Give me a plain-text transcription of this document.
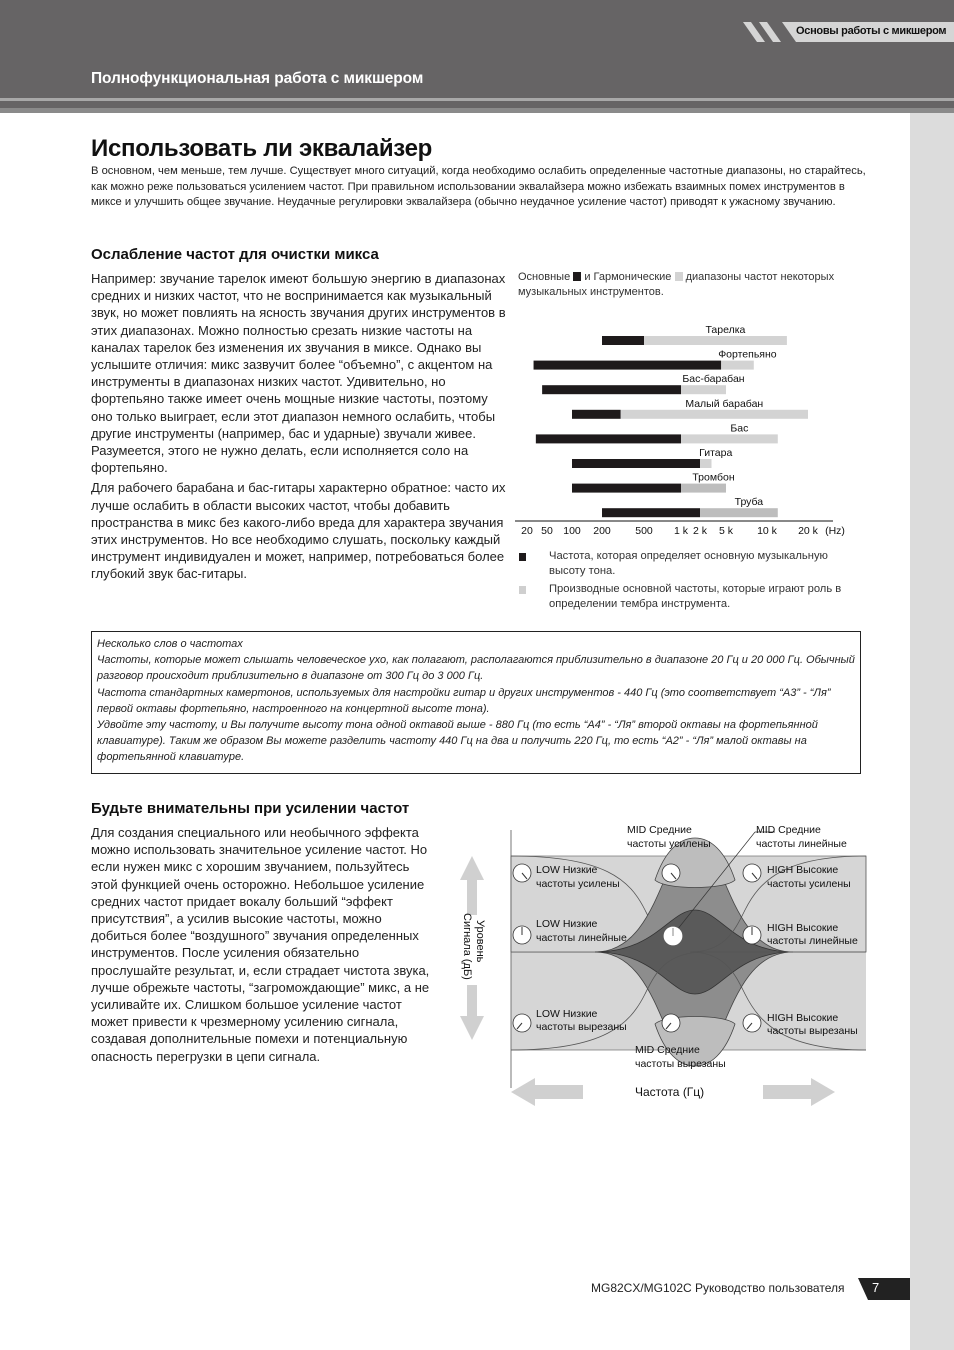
Основы работы с микшером
Полнофункциональная работа с микшером
Использовать ли эквалайзер
В основном, чем меньше, тем лучше. Существует много ситуаций, когда необходимо ослабить определенные частотные диапазоны, но старайтесь, как можно реже пользоваться усилением частот. При правильном использовании эквалайзера можно избежать взаимных помех инструментов в миксе и улучшить общее звучание. Неудачные регулировки эквалайзера (обычно неудачное усиление частот) приводят к ужасному звучанию.
Ослабление частот для очистки микса

Например: звучание тарелок имеют большую энергию в диапазонах средних и низких частот, что не воспринимается как музыкальный звук, но может повлиять на ясность звучания других инструментов в этих диапазонах. Можно полностью срезать низкие частоты на каналах тарелок без изменения их звучания в миксе. Однако вы услышите отличия: микс зазвучит более “объемно”, с акцентом на инструменты в диапазонах низких частот. Удивительно, но фортепьяно также имеет очень мощные низкие частоты, поэтому оно только выиграет, если этот диапазон немного ослабить, чтобы другие инструменты (например, бас и ударные) звучали живее. Разумеется, этого не нужно делать, если исполняется соло на фортепьяно.

Для рабочего барабана и бас-гитары характерно обратное: часто их лучше ослабить в области высоких частот, чтобы добавить пространства в микс без какого-либо вреда для характера звучания этих инструментов. Но все необходимо слушать, поскольку каждый инструмент индивидуален и может, например, потребоваться более глубокий звук бас-гитары.

Основные и Гармонические диапазоны частот некоторых музыкальных инструментов.
Тарелка
Фортепьяно
Бас-барабан
Малый барабан
Бас
Гитара
Тромбон
Труба
20 50 100 200 500 1 k 2 k 5 k 10 k 20 k (Hz)
Частота, которая определяет основную музыкальную высоту тона.
Производные основной частоты, которые играют роль в определении тембра инструмента.

Несколько слов о частотах

Частоты, которые может слышать человеческое ухо, как полагают, располагаются приблизительно в диапазоне 20 Гц и 20 000 Гц. Обычный разговор происходит приблизительно в диапазоне от 300 Гц до 3 000 Гц.

Частота стандартных камертонов, используемых для настройки гитар и других инструментов - 440 Гц (это соответствует “A3” - “Ля” первой октавы фортепьяно, настроенного на концертной высоте тона).

Удвойте эту частоту, и Вы получите высоту тона одной октавой выше - 880 Гц (то есть “A4” - “Ля” второй октавы на фортепьянной клавиатуре). Таким же образом Вы можете разделить частоту 440 Гц на два и получить 220 Гц, то есть “A2” - “Ля” малой октавы на фортепьянной клавиатуре.

Будьте внимательны при усилении частот
Для создания специального или необычного эффекта можно использовать значительное усиление частот. Но если нужен микс с хорошим звучанием, пользуйтесь этой функцией очень осторожно. Небольшое усиление средних частот придает вокалу больший “эффект присутствия”, а усилив высокие частоты, можно добиться более “воздушного” звучания определенных инструментов. После усиления обязательно прослушайте результат, и, если страдает чистота звука, лучше обрежьте частоты, “загромождающие” микс, а не усиливайте их. Слишком большое усиление частот может привести к чрезмерному усилению сигнала, создавая дополнительные помехи и потенциальную опасность перегрузки в цепи сигнала.
MID Средние
частоты усилены
MID Средние
частоты линейные
LOW Низкие
частоты усилены
LOW Низкие
частоты линейные
LOW Низкие
частоты вырезаны
HIGH Высокие
частоты усилены
HIGH Высокие
частоты линейные
HIGH Высокие
частоты вырезаны
MID Средние
частоты вырезаны
Уровень
Сигнала (дБ)
Частота (Гц)
MG82CX/MG102C Руководство пользователя 7
